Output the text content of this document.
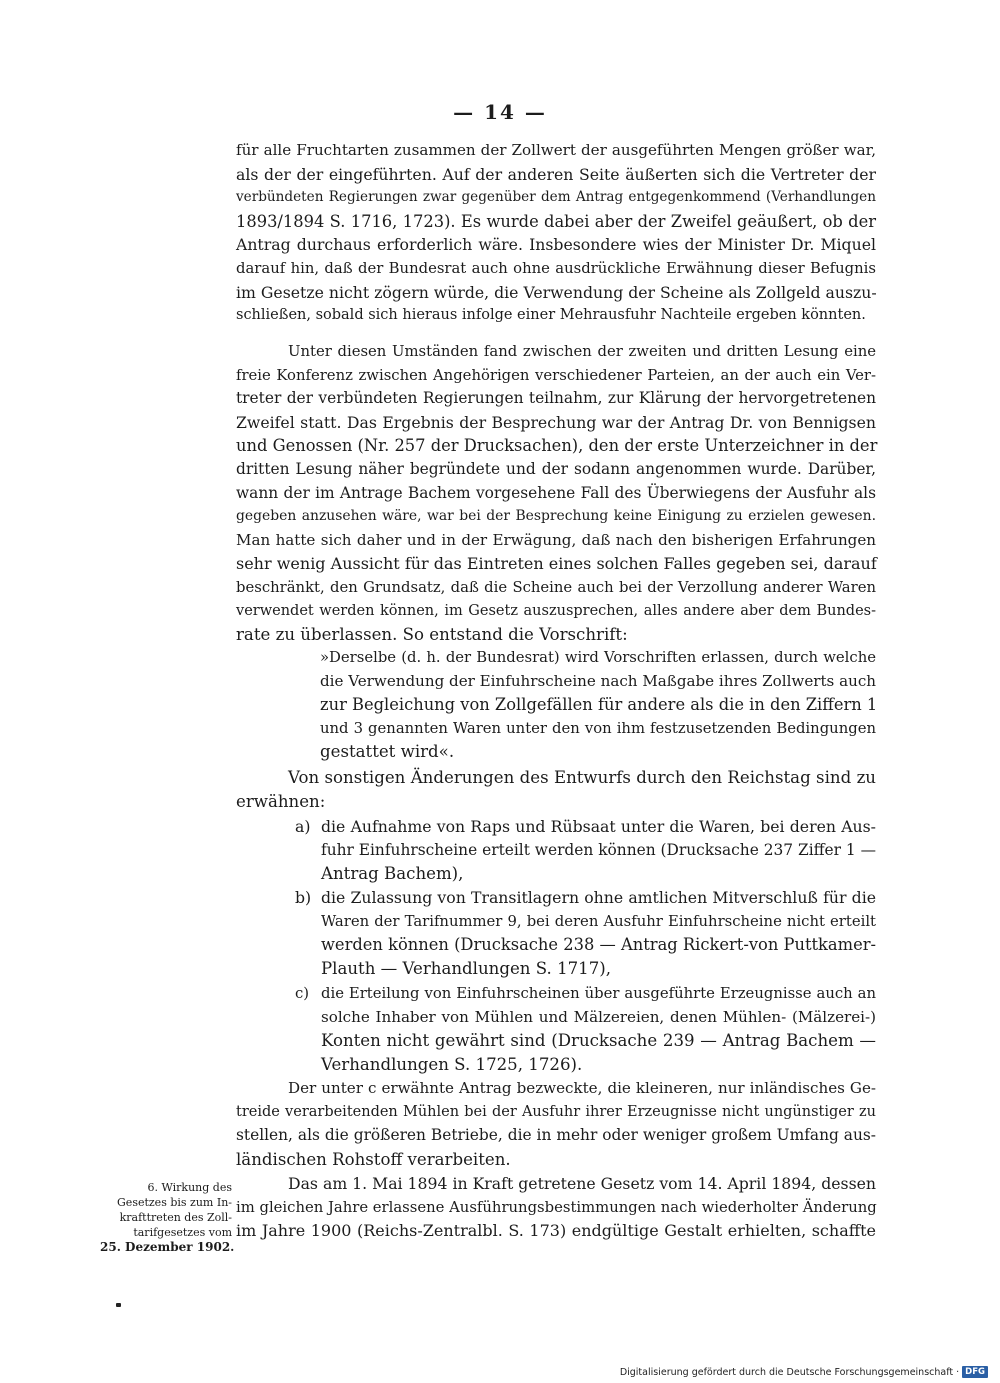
— 14 —
für alle Fruchtarten zusammen der Zollwert der ausgeführten Mengen größer war,
als der der eingeführten. Auf der anderen Seite äußerten sich die Vertreter der
verbündeten Regierungen zwar gegenüber dem Antrag entgegenkommend (Verhandlungen
1893/1894 S. 1716, 1723). Es wurde dabei aber der Zweifel geäußert, ob der
Antrag durchaus erforderlich wäre. Insbesondere wies der Minister Dr. Miquel
darauf hin, daß der Bundesrat auch ohne ausdrückliche Erwähnung dieser Befugnis
im Gesetze nicht zögern würde, die Verwendung der Scheine als Zollgeld auszu-
schließen, sobald sich hieraus infolge einer Mehrausfuhr Nachteile ergeben könnten.
Unter diesen Umständen fand zwischen der zweiten und dritten Lesung eine
freie Konferenz zwischen Angehörigen verschiedener Parteien, an der auch ein Ver-
treter der verbündeten Regierungen teilnahm, zur Klärung der hervorgetretenen
Zweifel statt. Das Ergebnis der Besprechung war der Antrag Dr. von Bennigsen
und Genossen (Nr. 257 der Drucksachen), den der erste Unterzeichner in der
dritten Lesung näher begründete und der sodann angenommen wurde. Darüber,
wann der im Antrage Bachem vorgesehene Fall des Überwiegens der Ausfuhr als
gegeben anzusehen wäre, war bei der Besprechung keine Einigung zu erzielen gewesen.
Man hatte sich daher und in der Erwägung, daß nach den bisherigen Erfahrungen
sehr wenig Aussicht für das Eintreten eines solchen Falles gegeben sei, darauf
beschränkt, den Grundsatz, daß die Scheine auch bei der Verzollung anderer Waren
verwendet werden können, im Gesetz auszusprechen, alles andere aber dem Bundes-
rate zu überlassen. So entstand die Vorschrift:
»Derselbe (d. h. der Bundesrat) wird Vorschriften erlassen, durch welche
die Verwendung der Einfuhrscheine nach Maßgabe ihres Zollwerts auch
zur Begleichung von Zollgefällen für andere als die in den Ziffern 1
und 3 genannten Waren unter den von ihm festzusetzenden Bedingungen
gestattet wird«.
Von sonstigen Änderungen des Entwurfs durch den Reichstag sind zu
erwähnen:
a) die Aufnahme von Raps und Rübsaat unter die Waren, bei deren Aus-
fuhr Einfuhrscheine erteilt werden können (Drucksache 237 Ziffer 1 —
Antrag Bachem),
b) die Zulassung von Transitlagern ohne amtlichen Mitverschluß für die
Waren der Tarifnummer 9, bei deren Ausfuhr Einfuhrscheine nicht erteilt
werden können (Drucksache 238 — Antrag Rickert-von Puttkamer-
Plauth — Verhandlungen S. 1717),
c) die Erteilung von Einfuhrscheinen über ausgeführte Erzeugnisse auch an
solche Inhaber von Mühlen und Mälzereien, denen Mühlen- (Mälzerei-)
Konten nicht gewährt sind (Drucksache 239 — Antrag Bachem —
Verhandlungen S. 1725, 1726).
Der unter c erwähnte Antrag bezweckte, die kleineren, nur inländisches Ge-
treide verarbeitenden Mühlen bei der Ausfuhr ihrer Erzeugnisse nicht ungünstiger zu
stellen, als die größeren Betriebe, die in mehr oder weniger großem Umfang aus-
ländischen Rohstoff verarbeiten.
Das am 1. Mai 1894 in Kraft getretene Gesetz vom 14. April 1894, dessen
im gleichen Jahre erlassene Ausführungsbestimmungen nach wiederholter Änderung
im Jahre 1900 (Reichs-Zentralbl. S. 173) endgültige Gestalt erhielten, schaffte
6. Wirkung des
Gesetzes bis zum In-
krafttreten des Zoll-
tarifgesetzes vom
25. Dezember 1902.
Digitalisierung gefördert durch die Deutsche Forschungsgemeinschaft · DFG
